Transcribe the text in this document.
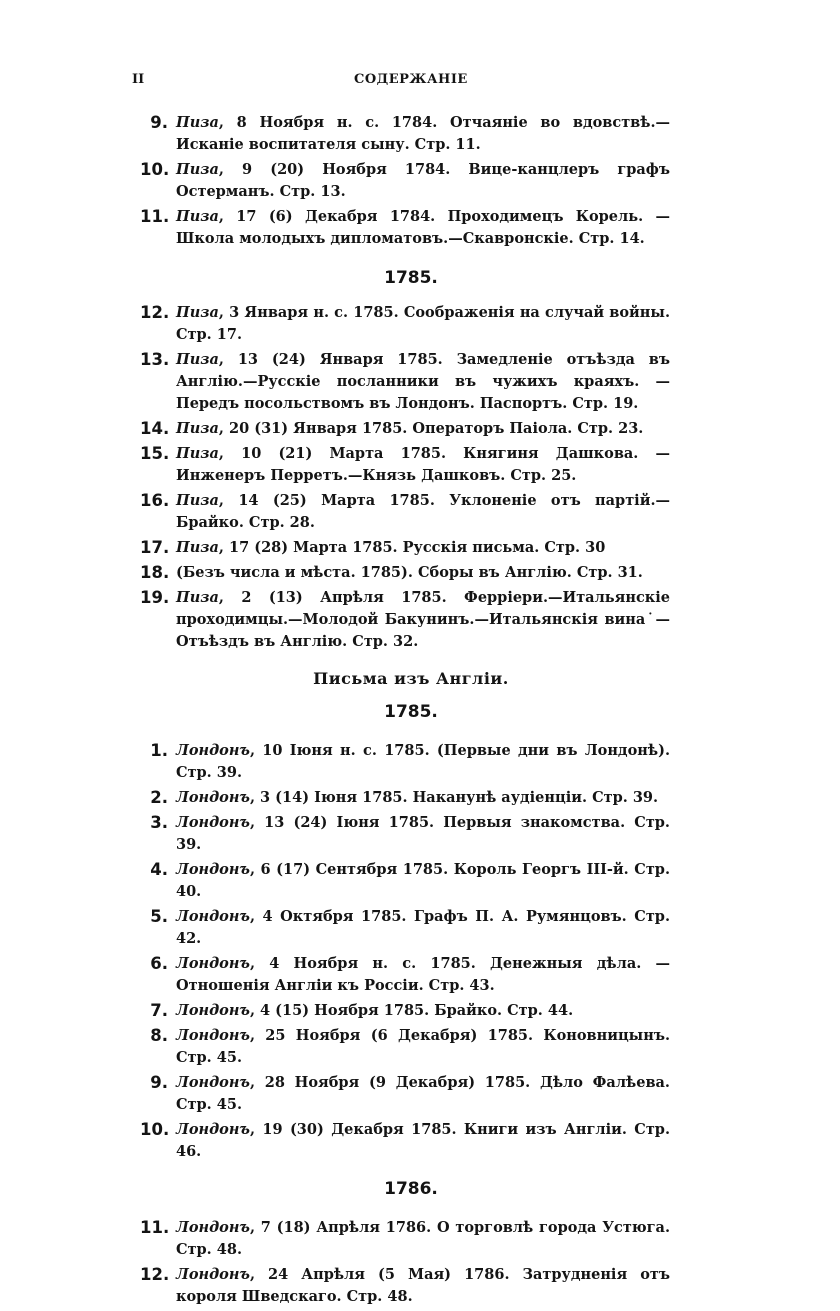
II	СОДЕРЖАНІЕ
9. Пиза, 8 Ноября н. с. 1784. Отчаяніе во вдовствѣ.—Исканіе воспитателя сыну. Стр. 11.
10. Пиза, 9 (20) Ноября 1784. Вице-канцлеръ графъ Остерманъ. Стр. 13.
11. Пиза, 17 (6) Декабря 1784. Проходимецъ Корель. — Школа молодыхъ дипломатовъ.—Скавронскіе. Стр. 14.
1785.
12. Пиза, 3 Января н. с. 1785. Соображенія на случай войны. Стр. 17.
13. Пиза, 13 (24) Января 1785. Замедленіе отъѣзда въ Англію.—Русскіе посланники въ чужихъ краяхъ. — Передъ посольствомъ въ Лондонъ. Паспортъ. Стр. 19.
14. Пиза, 20 (31) Января 1785. Операторъ Паіола. Стр. 23.
15. Пиза, 10 (21) Марта 1785. Княгиня Дашкова. — Инженеръ Перретъ.—Князь Дашковъ. Стр. 25.
16. Пиза, 14 (25) Марта 1785. Уклоненіе отъ партій.—Брайко. Стр. 28.
17. Пиза, 17 (28) Марта 1785. Русскія письма. Стр. 30
18. (Безъ числа и мѣста. 1785). Сборы въ Англію. Стр. 31.
19. Пиза, 2 (13) Апрѣля 1785. Ферріери.—Итальянскіе проходимцы.—Молодой Бакунинъ.—Итальянскія вина˙—Отъѣздъ въ Англію. Стр. 32.
Письма изъ Англіи.
1785.
1. Лондонъ, 10 Іюня н. с. 1785. (Первые дни въ Лондонѣ). Стр. 39.
2. Лондонъ, 3 (14) Іюня 1785. Наканунѣ аудіенціи. Стр. 39.
3. Лондонъ, 13 (24) Іюня 1785. Первыя знакомства. Стр. 39.
4. Лондонъ, 6 (17) Сентября 1785. Король Георгъ III-й. Стр. 40.
5. Лондонъ, 4 Октября 1785. Графъ П. А. Румянцовъ. Стр. 42.
6. Лондонъ, 4 Ноября н. с. 1785. Денежныя дѣла. — Отношенія Англіи къ Россіи. Стр. 43.
7. Лондонъ, 4 (15) Ноября 1785. Брайко. Стр. 44.
8. Лондонъ, 25 Ноября (6 Декабря) 1785. Коновницынъ. Стр. 45.
9. Лондонъ, 28 Ноября (9 Декабря) 1785. Дѣло Фалѣева. Стр. 45.
10. Лондонъ, 19 (30) Декабря 1785. Книги изъ Англіи. Стр. 46.
1786.
11. Лондонъ, 7 (18) Апрѣля 1786. О торговлѣ города Устюга. Стр. 48.
12. Лондонъ, 24 Апрѣля (5 Мая) 1786. Затрудненія отъ короля Шведскаго. Стр. 48.
